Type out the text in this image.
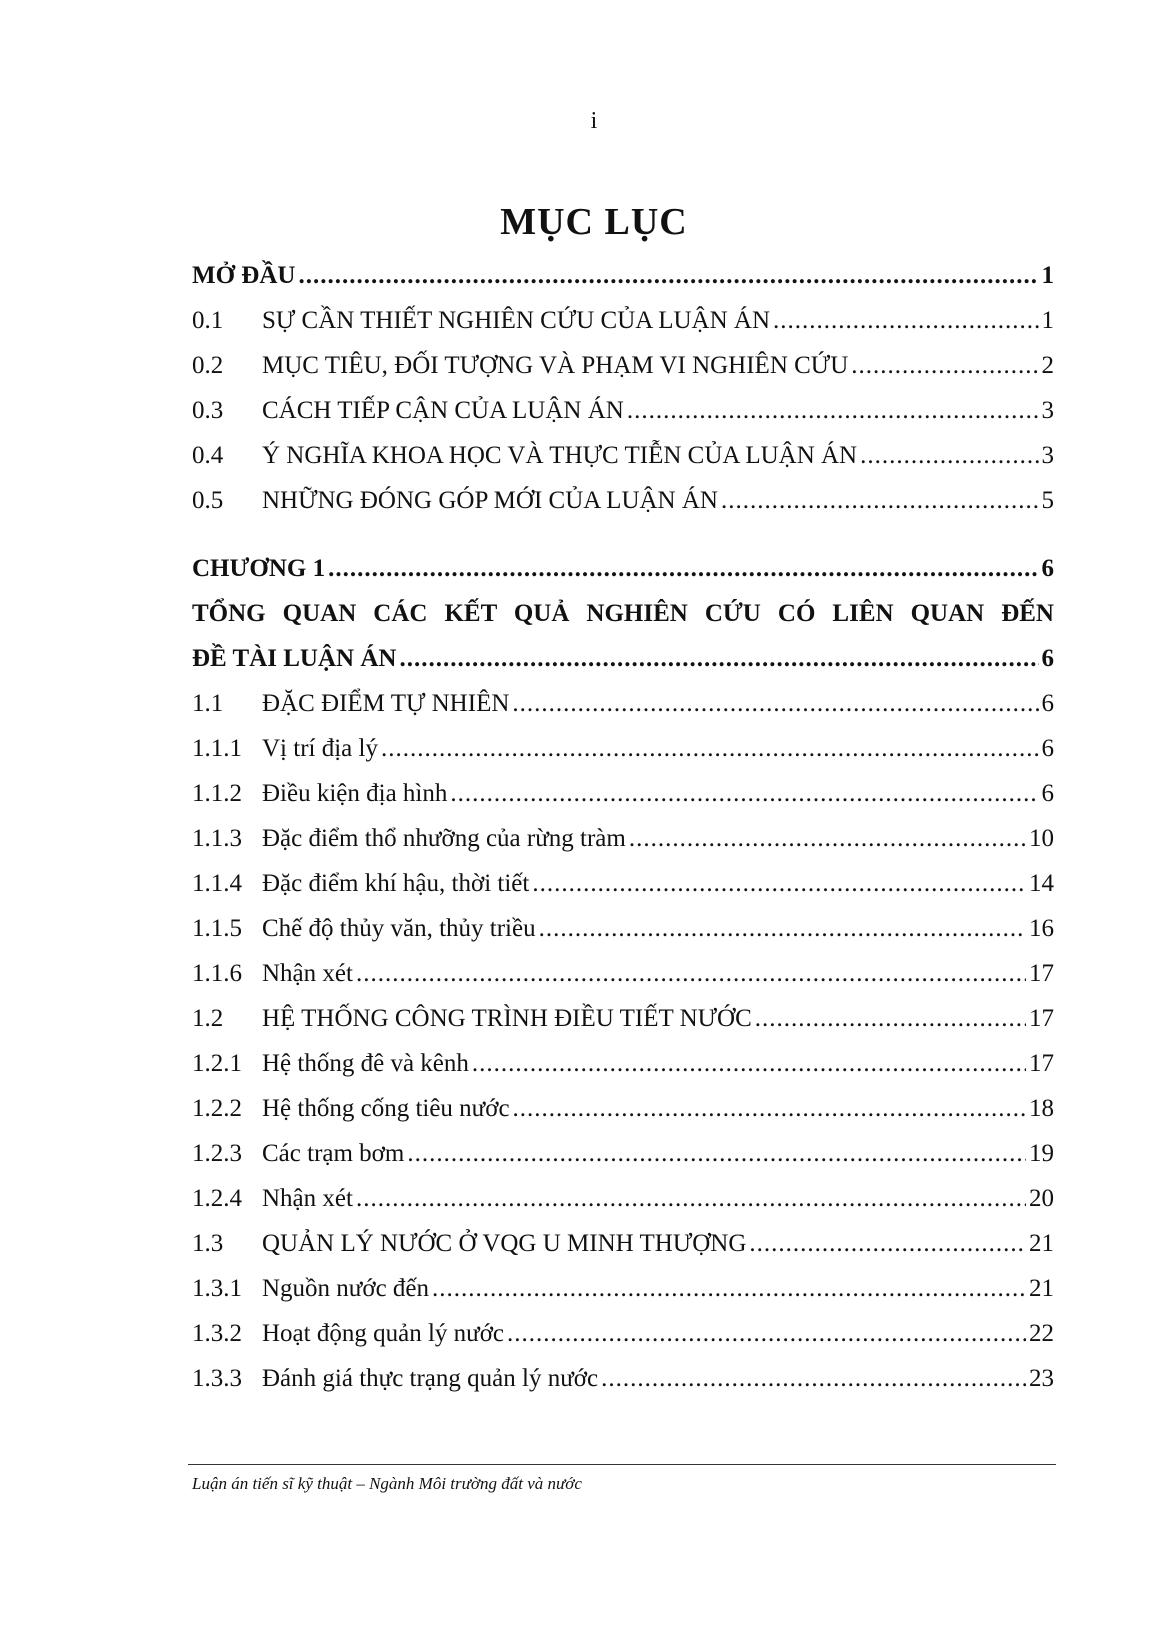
i
MỤC LỤC
MỞ ĐẦU .....	1
0.1	SỰ CẦN THIẾT NGHIÊN CỨU CỦA LUẬN ÁN .....	1
0.2	MỤC TIÊU, ĐỐI TƯỢNG VÀ PHẠM VI NGHIÊN CỨU .....	2
0.3	CÁCH TIẾP CẬN CỦA LUẬN ÁN .....	3
0.4	Ý NGHĨA KHOA HỌC VÀ THỰC TIỄN CỦA LUẬN ÁN .....	3
0.5	NHỮNG ĐÓNG GÓP MỚI CỦA LUẬN ÁN .....	5
CHƯƠNG 1 .....	6
TỔNG QUAN CÁC KẾT QUẢ NGHIÊN CỨU CÓ LIÊN QUAN ĐẾN
ĐỀ TÀI LUẬN ÁN .....	6
1.1	ĐẶC ĐIỂM TỰ NHIÊN .....	6
1.1.1 Vị trí địa lý .....	6
1.1.2 Điều kiện địa hình .....	6
1.1.3 Đặc điểm thổ nhưỡng của rừng tràm .....	10
1.1.4 Đặc điểm khí hậu, thời tiết .....	14
1.1.5 Chế độ thủy văn, thủy triều .....	16
1.1.6 Nhận xét .....	17
1.2	HỆ THỐNG CÔNG TRÌNH ĐIỀU TIẾT NƯỚC .....	17
1.2.1 Hệ thống đê và kênh .....	17
1.2.2 Hệ thống cống tiêu nước .....	18
1.2.3 Các trạm bơm .....	19
1.2.4 Nhận xét .....	20
1.3	QUẢN LÝ NƯỚC Ở VQG U MINH THƯỢNG .....	21
1.3.1 Nguồn nước đến .....	21
1.3.2 Hoạt động quản lý nước .....	22
1.3.3 Đánh giá thực trạng quản lý nước .....	23
Luận án tiến sĩ kỹ thuật – Ngành Môi trường đất và nước
